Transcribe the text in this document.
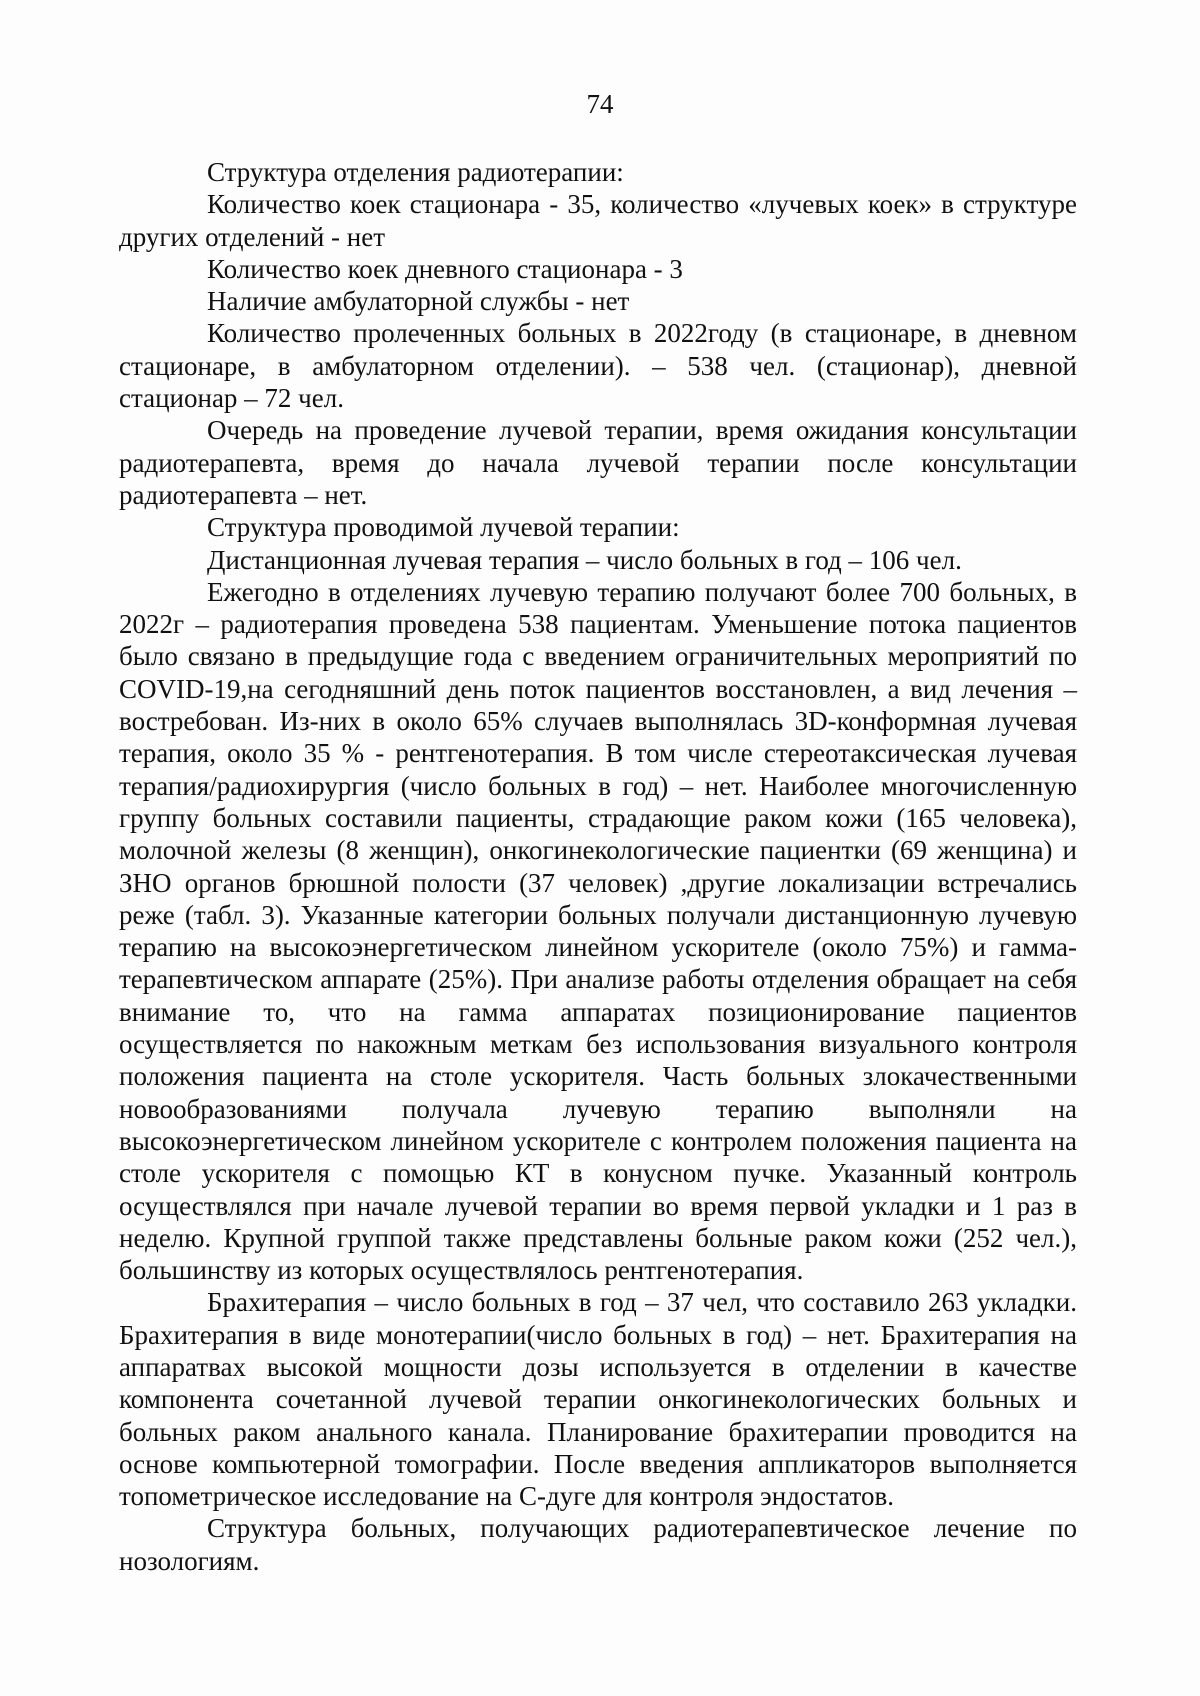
74

Структура отделения радиотерапии:

Количество коек стационара - 35, количество «лучевых коек» в структуре других отделений - нет

Количество коек дневного стационара - 3

Наличие амбулаторной службы - нет

Количество пролеченных больных в 2022году (в стационаре, в дневном стационаре, в амбулаторном отделении). – 538 чел. (стационар), дневной стационар – 72 чел.

Очередь на проведение лучевой терапии, время ожидания консультации радиотерапевта, время до начала лучевой терапии после консультации радиотерапевта – нет.

Структура проводимой лучевой терапии:

Дистанционная лучевая терапия – число больных в год – 106 чел.

Ежегодно в отделениях лучевую терапию получают более 700 больных, в 2022г – радиотерапия проведена 538 пациентам. Уменьшение потока пациентов было связано в предыдущие года с введением ограничительных мероприятий по COVID-19,на сегодняшний день поток пациентов восстановлен, а вид лечения – востребован. Из-них в около 65% случаев выполнялась 3D-конформная лучевая терапия, около 35 % - рентгенотерапия. В том числе стереотаксическая лучевая терапия/радиохирургия (число больных в год) – нет. Наиболее многочисленную группу больных составили пациенты, страдающие раком кожи (165 человека), молочной железы (8 женщин), онкогинекологические пациентки (69 женщина) и ЗНО органов брюшной полости (37 человек) ,другие локализации встречались реже (табл. 3). Указанные категории больных получали дистанционную лучевую терапию на высокоэнергетическом линейном ускорителе (около 75%) и гамма-терапевтическом аппарате (25%). При анализе работы отделения обращает на себя внимание то, что на гамма аппаратах позиционирование пациентов осуществляется по накожным меткам без использования визуального контроля положения пациента на столе ускорителя. Часть больных злокачественными новообразованиями получала лучевую терапию выполняли на высокоэнергетическом линейном ускорителе с контролем положения пациента на столе ускорителя с помощью КТ в конусном пучке. Указанный контроль осуществлялся при начале лучевой терапии во время первой укладки и 1 раз в неделю. Крупной группой также представлены больные раком кожи (252 чел.), большинству из которых осуществлялось рентгенотерапия.

Брахитерапия – число больных в год – 37 чел, что составило 263 укладки. Брахитерапия в виде монотерапии(число больных в год) – нет. Брахитерапия на аппаратвах высокой мощности дозы используется в отделении в качестве компонента сочетанной лучевой терапии онкогинекологических больных и больных раком анального канала. Планирование брахитерапии проводится на основе компьютерной томографии. После введения аппликаторов выполняется топометрическое исследование на С-дуге для контроля эндостатов.

Структура больных, получающих радиотерапевтическое лечение по нозологиям.
